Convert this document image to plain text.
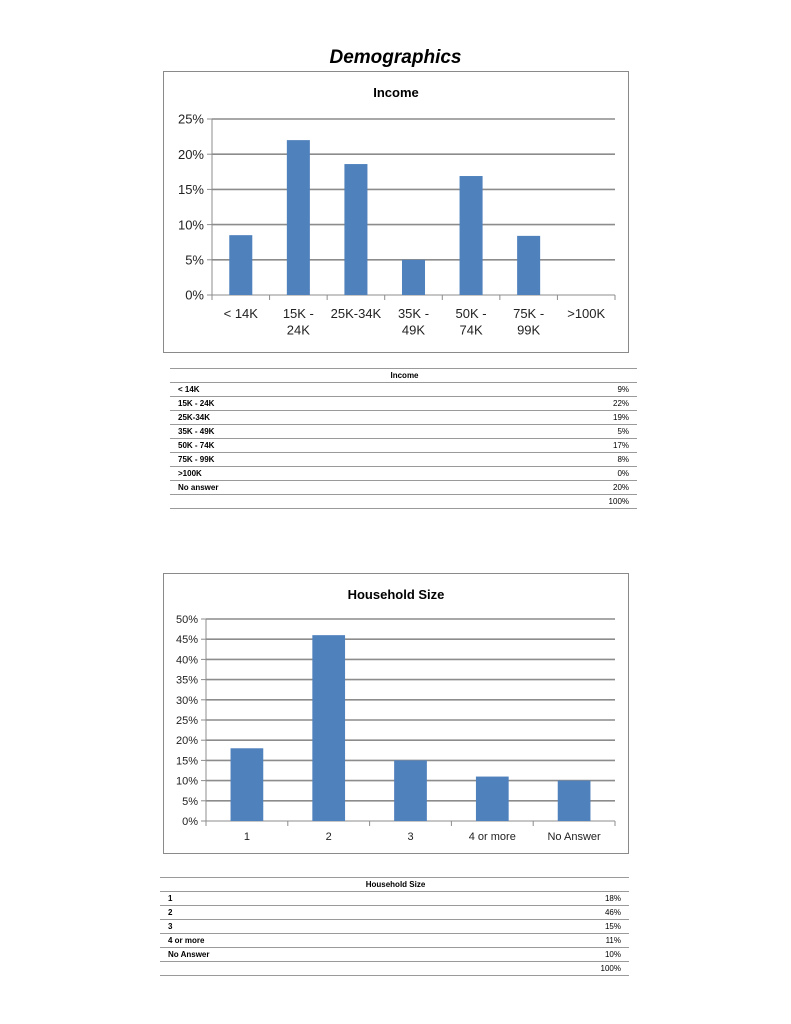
Demographics
Income
0%
5%
10%
15%
20%
25%
< 14K 15K -24K
25K-34K 35K -49K
50K -74K
75K -99K
>100K
Income	
< 14K	9%
15K - 24K	22%
25K-34K	19%
35K - 49K	5%
50K - 74K	17%
75K - 99K	8%
>100K	0%
No answer	20%
	100%
Household Size
0%
5%
10%
15%
20%
25%
30%
35%
40%
45%
50%
1	2	3	4 or more	No Answer
Household Size	
1	18%
2	46%
3	15%
4 or more	11%
No Answer	10%
	100%
